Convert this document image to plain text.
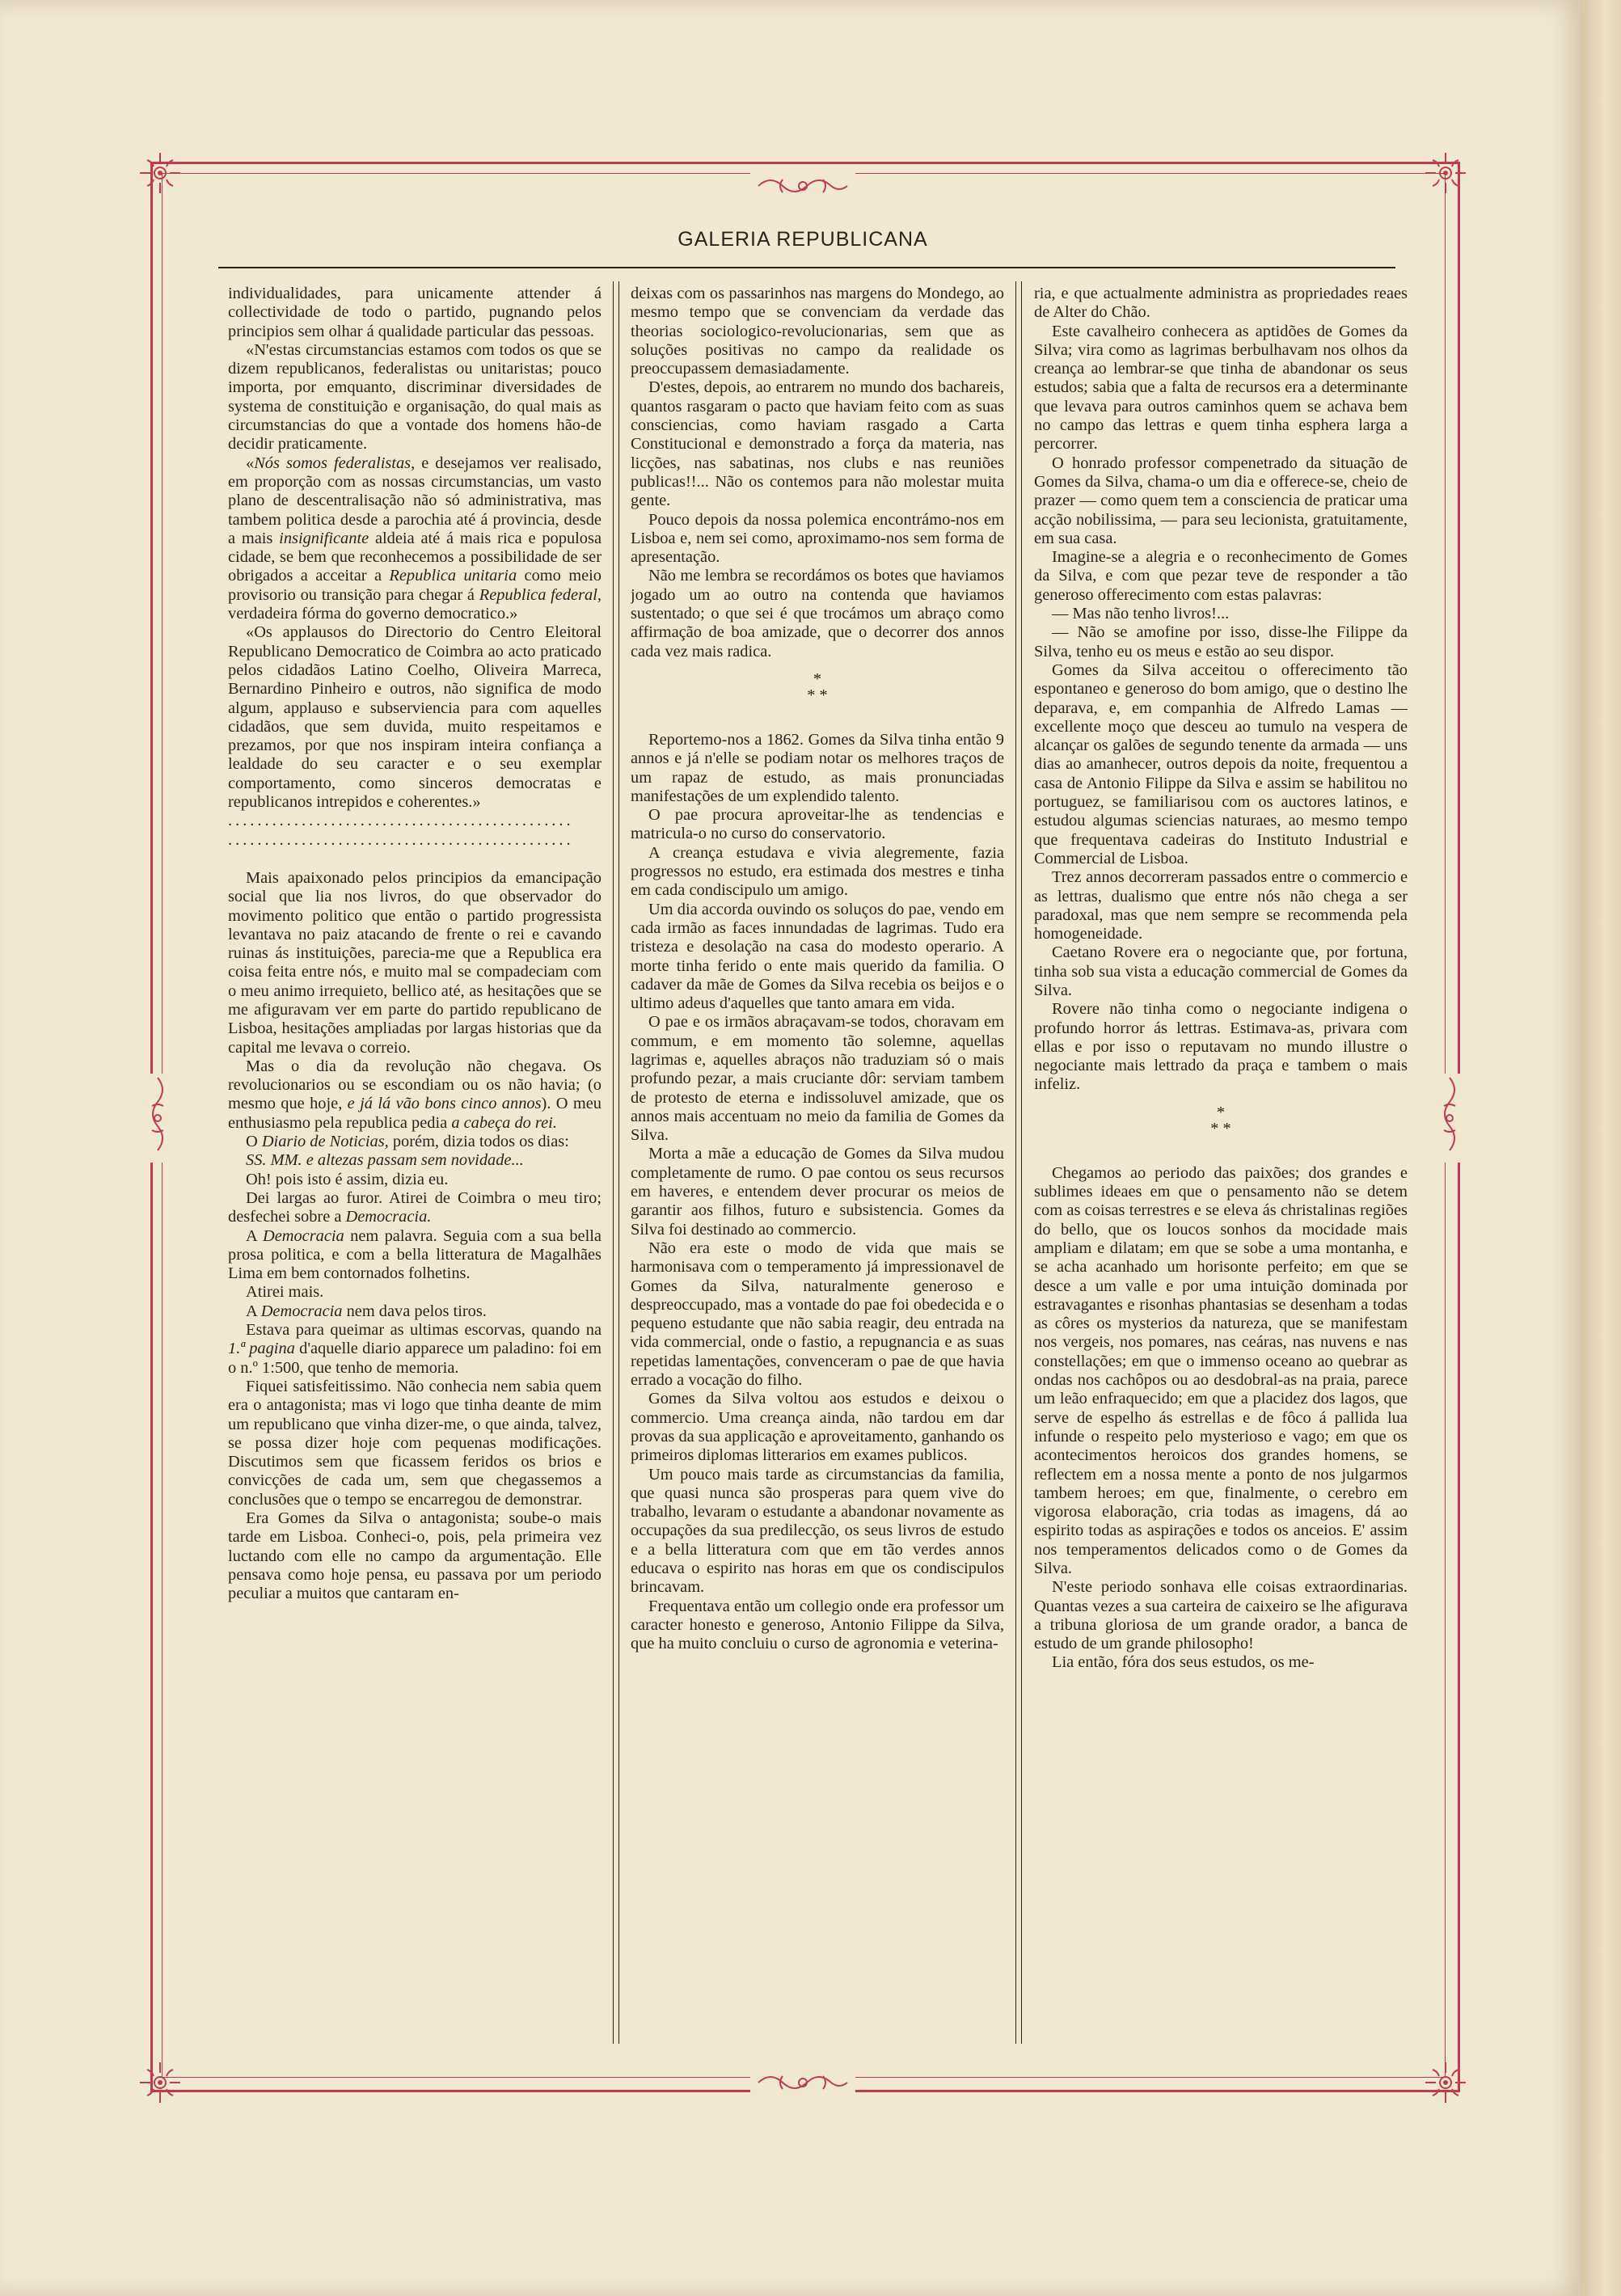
GALERIA REPUBLICANA

individualidades, para unicamente attender á collectividade de todo o partido, pugnando pelos principios sem olhar á qualidade particular das pessoas.

«N'estas circumstancias estamos com todos os que se dizem republicanos, federalistas ou unitaristas; pouco importa, por emquanto, discriminar diversidades de systema de constituição e organisação, do qual mais as circumstancias do que a vontade dos homens hão-de decidir praticamente.

«Nós somos federalistas, e desejamos ver realisado, em proporção com as nossas circumstancias, um vasto plano de descentralisação não só administrativa, mas tambem politica desde a parochia até á provincia, desde a mais insignificante aldeia até á mais rica e populosa cidade, se bem que reconhecemos a possibilidade de ser obrigados a acceitar a Republica unitaria como meio provisorio ou transição para chegar á Republica federal, verdadeira fórma do governo democratico.»

«Os applausos do Directorio do Centro Eleitoral Republicano Democratico de Coimbra ao acto praticado pelos cidadãos Latino Coelho, Oliveira Marreca, Bernardino Pinheiro e outros, não significa de modo algum, applauso e subserviencia para com aquelles cidadãos, que sem duvida, muito respeitamos e prezamos, por que nos inspiram inteira confiança a lealdade do seu caracter e o seu exemplar comportamento, como sinceros democratas e republicanos intrepidos e coherentes.»

...............................................

...............................................

Mais apaixonado pelos principios da emancipação social que lia nos livros, do que observador do movimento politico que então o partido progressista levantava no paiz atacando de frente o rei e cavando ruinas ás instituições, parecia-me que a Republica era coisa feita entre nós, e muito mal se compadeciam com o meu animo irrequieto, bellico até, as hesitações que se me afiguravam ver em parte do partido republicano de Lisboa, hesitações ampliadas por largas historias que da capital me levava o correio.

Mas o dia da revolução não chegava. Os revolucionarios ou se escondiam ou os não havia; (o mesmo que hoje, e já lá vão bons cinco annos). O meu enthusiasmo pela republica pedia a cabeça do rei.

O Diario de Noticias, porém, dizia todos os dias:

SS. MM. e altezas passam sem novidade...

Oh! pois isto é assim, dizia eu.

Dei largas ao furor. Atirei de Coimbra o meu tiro; desfechei sobre a Democracia.

A Democracia nem palavra. Seguia com a sua bella prosa politica, e com a bella litteratura de Magalhães Lima em bem contornados folhetins.

Atirei mais.

A Democracia nem dava pelos tiros.

Estava para queimar as ultimas escorvas, quando na 1.ª pagina d'aquelle diario apparece um paladino: foi em o n.º 1:500, que tenho de memoria.

Fiquei satisfeitissimo. Não conhecia nem sabia quem era o antagonista; mas vi logo que tinha deante de mim um republicano que vinha dizer-me, o que ainda, talvez, se possa dizer hoje com pequenas modificações. Discutimos sem que ficassem feridos os brios e convicções de cada um, sem que chegassemos a conclusões que o tempo se encarregou de demonstrar.

Era Gomes da Silva o antagonista; soube-o mais tarde em Lisboa. Conheci-o, pois, pela primeira vez luctando com elle no campo da argumentação. Elle pensava como hoje pensa, eu passava por um periodo peculiar a muitos que cantaram en-

deixas com os passarinhos nas margens do Mondego, ao mesmo tempo que se convenciam da verdade das theorias sociologico-revolucionarias, sem que as soluções positivas no campo da realidade os preoccupassem demasiadamente.

D'estes, depois, ao entrarem no mundo dos bachareis, quantos rasgaram o pacto que haviam feito com as suas consciencias, como haviam rasgado a Carta Constitucional e demonstrado a força da materia, nas licções, nas sabatinas, nos clubs e nas reuniões publicas!!... Não os contemos para não molestar muita gente.

Pouco depois da nossa polemica encontrámo-nos em Lisboa e, nem sei como, aproximamo-nos sem forma de apresentação.

Não me lembra se recordámos os botes que haviamos jogado um ao outro na contenda que haviamos sustentado; o que sei é que trocámos um abraço como affirmação de boa amizade, que o decorrer dos annos cada vez mais radica.

*
* *

Reportemo-nos a 1862. Gomes da Silva tinha então 9 annos e já n'elle se podiam notar os melhores traços de um rapaz de estudo, as mais pronunciadas manifestações de um explendido talento.

O pae procura aproveitar-lhe as tendencias e matricula-o no curso do conservatorio.

A creança estudava e vivia alegremente, fazia progressos no estudo, era estimada dos mestres e tinha em cada condiscipulo um amigo.

Um dia accorda ouvindo os soluços do pae, vendo em cada irmão as faces innundadas de lagrimas. Tudo era tristeza e desolação na casa do modesto operario. A morte tinha ferido o ente mais querido da familia. O cadaver da mãe de Gomes da Silva recebia os beijos e o ultimo adeus d'aquelles que tanto amara em vida.

O pae e os irmãos abraçavam-se todos, choravam em commum, e em momento tão solemne, aquellas lagrimas e, aquelles abraços não traduziam só o mais profundo pezar, a mais cruciante dôr: serviam tambem de protesto de eterna e indissoluvel amizade, que os annos mais accentuam no meio da familia de Gomes da Silva.

Morta a mãe a educação de Gomes da Silva mudou completamente de rumo. O pae contou os seus recursos em haveres, e entendem dever procurar os meios de garantir aos filhos, futuro e subsistencia. Gomes da Silva foi destinado ao commercio.

Não era este o modo de vida que mais se harmonisava com o temperamento já impressionavel de Gomes da Silva, naturalmente generoso e despreoccupado, mas a vontade do pae foi obedecida e o pequeno estudante que não sabia reagir, deu entrada na vida commercial, onde o fastio, a repugnancia e as suas repetidas lamentações, convenceram o pae de que havia errado a vocação do filho.

Gomes da Silva voltou aos estudos e deixou o commercio. Uma creança ainda, não tardou em dar provas da sua applicação e aproveitamento, ganhando os primeiros diplomas litterarios em exames publicos.

Um pouco mais tarde as circumstancias da familia, que quasi nunca são prosperas para quem vive do trabalho, levaram o estudante a abandonar novamente as occupações da sua predilecção, os seus livros de estudo e a bella litteratura com que em tão verdes annos educava o espirito nas horas em que os condiscipulos brincavam.

Frequentava então um collegio onde era professor um caracter honesto e generoso, Antonio Filippe da Silva, que ha muito concluiu o curso de agronomia e veterina-

ria, e que actualmente administra as propriedades reaes de Alter do Chão.

Este cavalheiro conhecera as aptidões de Gomes da Silva; vira como as lagrimas berbulhavam nos olhos da creança ao lembrar-se que tinha de abandonar os seus estudos; sabia que a falta de recursos era a determinante que levava para outros caminhos quem se achava bem no campo das lettras e quem tinha esphera larga a percorrer.

O honrado professor compenetrado da situação de Gomes da Silva, chama-o um dia e offerece-se, cheio de prazer — como quem tem a consciencia de praticar uma acção nobilissima, — para seu lecionista, gratuitamente, em sua casa.

Imagine-se a alegria e o reconhecimento de Gomes da Silva, e com que pezar teve de responder a tão generoso offerecimento com estas palavras:

— Mas não tenho livros!...

— Não se amofine por isso, disse-lhe Filippe da Silva, tenho eu os meus e estão ao seu dispor.

Gomes da Silva acceitou o offerecimento tão espontaneo e generoso do bom amigo, que o destino lhe deparava, e, em companhia de Alfredo Lamas — excellente moço que desceu ao tumulo na vespera de alcançar os galões de segundo tenente da armada — uns dias ao amanhecer, outros depois da noite, frequentou a casa de Antonio Filippe da Silva e assim se habilitou no portuguez, se familiarisou com os auctores latinos, e estudou algumas sciencias naturaes, ao mesmo tempo que frequentava cadeiras do Instituto Industrial e Commercial de Lisboa.

Trez annos decorreram passados entre o commercio e as lettras, dualismo que entre nós não chega a ser paradoxal, mas que nem sempre se recommenda pela homogeneidade.

Caetano Rovere era o negociante que, por fortuna, tinha sob sua vista a educação commercial de Gomes da Silva.

Rovere não tinha como o negociante indigena o profundo horror ás lettras. Estimava-as, privara com ellas e por isso o reputavam no mundo illustre o negociante mais lettrado da praça e tambem o mais infeliz.

*
* *

Chegamos ao periodo das paixões; dos grandes e sublimes ideaes em que o pensamento não se detem com as coisas terrestres e se eleva ás christalinas regiões do bello, que os loucos sonhos da mocidade mais ampliam e dilatam; em que se sobe a uma montanha, e se acha acanhado um horisonte perfeito; em que se desce a um valle e por uma intuição dominada por estravagantes e risonhas phantasias se desenham a todas as côres os mysterios da natureza, que se manifestam nos vergeis, nos pomares, nas ceáras, nas nuvens e nas constellações; em que o immenso oceano ao quebrar as ondas nos cachôpos ou ao desdobral-as na praia, parece um leão enfraquecido; em que a placidez dos lagos, que serve de espelho ás estrellas e de fôco á pallida lua infunde o respeito pelo mysterioso e vago; em que os acontecimentos heroicos dos grandes homens, se reflectem em a nossa mente a ponto de nos julgarmos tambem heroes; em que, finalmente, o cerebro em vigorosa elaboração, cria todas as imagens, dá ao espirito todas as aspirações e todos os anceios. E' assim nos temperamentos delicados como o de Gomes da Silva.

N'este periodo sonhava elle coisas extraordinarias. Quantas vezes a sua carteira de caixeiro se lhe afigurava a tribuna gloriosa de um grande orador, a banca de estudo de um grande philosopho!

Lia então, fóra dos seus estudos, os me-
